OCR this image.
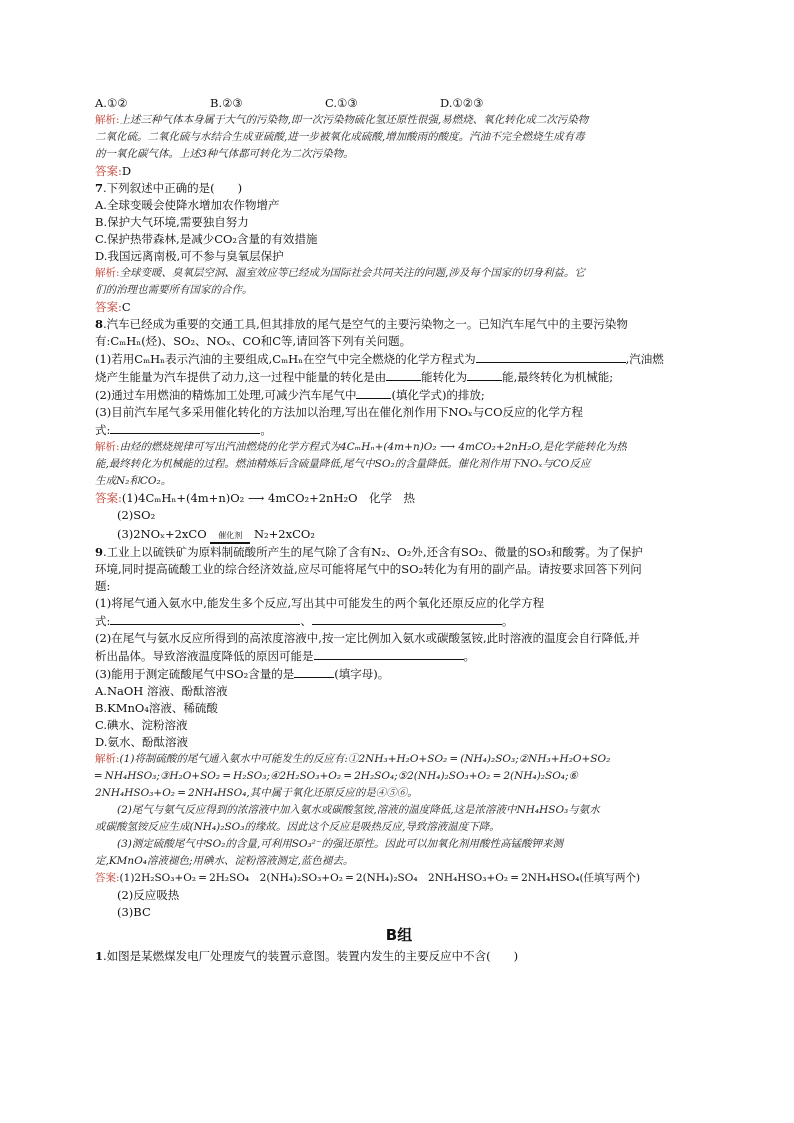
A.①②	B.②③	C.①③	D.①②③
解析:上述三种气体本身属于大气的污染物,即一次污染物硫化氢还原性很强,易燃烧、氧化转化成二次污染物
二氧化硫。二氧化硫与水结合生成亚硫酸,进一步被氧化成硫酸,增加酸雨的酸度。汽油不完全燃烧生成有毒
的一氧化碳气体。上述3种气体都可转化为二次污染物。
答案:D
7.下列叙述中正确的是(　　)
A.全球变暖会使降水增加农作物增产
B.保护大气环境,需要独自努力
C.保护热带森林,是减少CO₂含量的有效措施
D.我国远离南极,可不参与臭氧层保护
解析:全球变暖、臭氧层空洞、温室效应等已经成为国际社会共同关注的问题,涉及每个国家的切身利益。它
们的治理也需要所有国家的合作。
答案:C
8.汽车已经成为重要的交通工具,但其排放的尾气是空气的主要污染物之一。已知汽车尾气中的主要污染物
有:CₘHₙ(烃)、SO₂、NOₓ、CO和C等,请回答下列有关问题。
(1)若用CₘHₙ表示汽油的主要组成,CₘHₙ在空气中完全燃烧的化学方程式为	,汽油燃
烧产生能量为汽车提供了动力,这一过程中能量的转化是由	能转化为	能,最终转化为机械能;
(2)通过车用燃油的精炼加工处理,可减少汽车尾气中	(填化学式)的排放;
(3)目前汽车尾气多采用催化转化的方法加以治理,写出在催化剂作用下NOₓ与CO反应的化学方程
式:	。
解析:由烃的燃烧规律可写出汽油燃烧的化学方程式为4CₘHₙ+(4m+n)O₂ ⟶ 4mCO₂+2nH₂O,是化学能转化为热
能,最终转化为机械能的过程。燃油精炼后含硫量降低,尾气中SO₂的含量降低。催化剂作用下NOₓ与CO反应
生成N₂和CO₂。
答案:(1)4CₘHₙ+(4m+n)O₂ ⟶ 4mCO₂+2nH₂O　化学　热
(2)SO₂
(3)2NOₓ+2xCO	催化剂	N₂+2xCO₂
9.工业上以硫铁矿为原料制硫酸所产生的尾气除了含有N₂、O₂外,还含有SO₂、微量的SO₃和酸雾。为了保护
环境,同时提高硫酸工业的综合经济效益,应尽可能将尾气中的SO₂转化为有用的副产品。请按要求回答下列问
题:
(1)将尾气通入氨水中,能发生多个反应,写出其中可能发生的两个氧化还原反应的化学方程
式:	、	。
(2)在尾气与氨水反应所得到的高浓度溶液中,按一定比例加入氨水或碳酸氢铵,此时溶液的温度会自行降低,并
析出晶体。导致溶液温度降低的原因可能是	。
(3)能用于测定硫酸尾气中SO₂含量的是	(填字母)。
A.NaOH 溶液、酚酞溶液
B.KMnO₄溶液、稀硫酸
C.碘水、淀粉溶液
D.氨水、酚酞溶液
解析:(1)将制硫酸的尾气通入氨水中可能发生的反应有:①2NH₃+H₂O+SO₂ ═ (NH₄)₂SO₃;②NH₃+H₂O+SO₂
═ NH₄HSO₃;③H₂O+SO₂ ═ H₂SO₃;④2H₂SO₃+O₂ ═ 2H₂SO₄;⑤2(NH₄)₂SO₃+O₂ ═ 2(NH₄)₂SO₄;⑥
2NH₄HSO₃+O₂ ═ 2NH₄HSO₄,其中属于氧化还原反应的是④⑤⑥。
(2)尾气与氨气反应得到的浓溶液中加入氨水或碳酸氢铵,溶液的温度降低,这是浓溶液中NH₄HSO₃与氨水
或碳酸氢铵反应生成(NH₄)₂SO₃的缘故。因此这个反应是吸热反应,导致溶液温度下降。
(3)测定硫酸尾气中SO₂的含量,可利用SO₃²⁻的强还原性。因此可以加氧化剂用酸性高锰酸钾来测
定,KMnO₄溶液褪色;用碘水、淀粉溶液测定,蓝色褪去。
答案:(1)2H₂SO₃+O₂ ═ 2H₂SO₄　2(NH₄)₂SO₃+O₂ ═ 2(NH₄)₂SO₄　2NH₄HSO₃+O₂ ═ 2NH₄HSO₄(任填写两个)
(2)反应吸热
(3)BC
B组
1.如图是某燃煤发电厂处理废气的装置示意图。装置内发生的主要反应中不含(　　)
